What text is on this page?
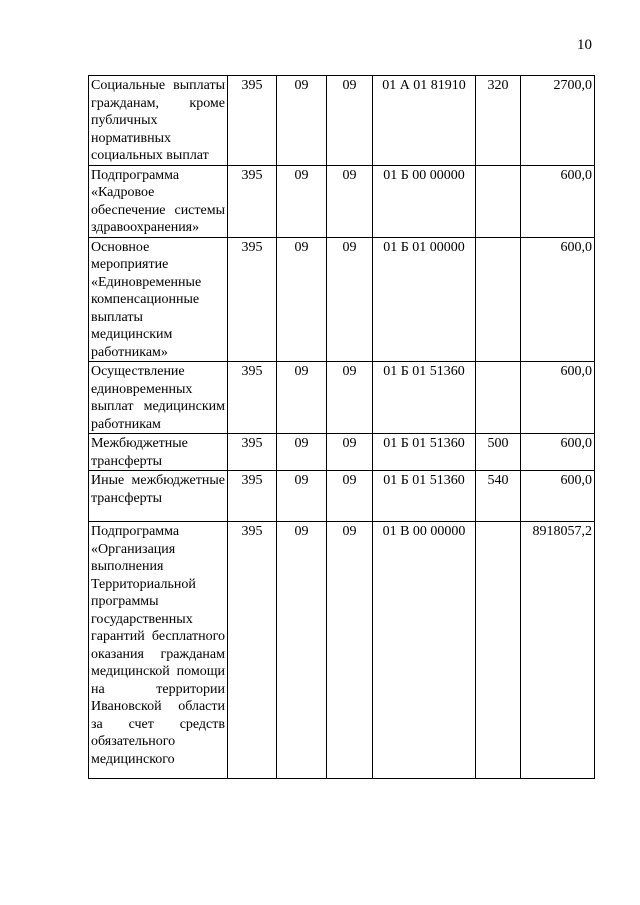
10
Социальные выплаты гражданам, кроме публичных нормативных социальных выплат	395	09	09	01 А 01 81910	320	2700,0
Подпрограмма «Кадровое обеспечение системы здравоохранения»	395	09	09	01 Б 00 00000		600,0
Основное мероприятие «Единовременные компенсационные выплаты медицинским работникам»	395	09	09	01 Б 01 00000		600,0
Осуществление единовременных выплат медицинским работникам	395	09	09	01 Б 01 51360		600,0
Межбюджетные трансферты	395	09	09	01 Б 01 51360	500	600,0
Иные межбюджетные трансферты	395	09	09	01 Б 01 51360	540	600,0
Подпрограмма «Организация выполнения Территориальной программы государственных гарантий бесплатного оказания гражданам медицинской помощи на территории Ивановской области за счет средств обязательного медицинского	395	09	09	01 В 00 00000		8918057,2
